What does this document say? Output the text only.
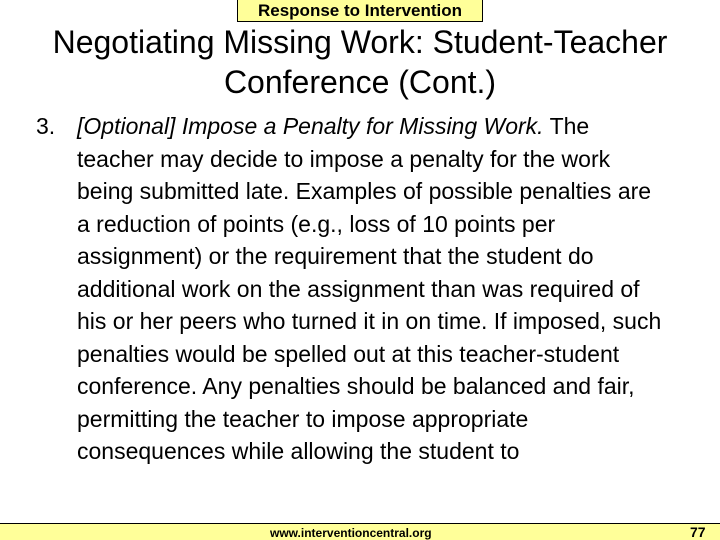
Response to Intervention
Negotiating Missing Work: Student-Teacher Conference (Cont.)
www.interventioncentral.org	77
3. [Optional] Impose a Penalty for Missing Work. The teacher may decide to impose a penalty for the work being submitted late. Examples of possible penalties are a reduction of points (e.g., loss of 10 points per assignment) or the requirement that the student do additional work on the assignment than was required of his or her peers who turned it in on time. If imposed, such penalties would be spelled out at this teacher-student conference. Any penalties should be balanced and fair, permitting the teacher to impose appropriate consequences while allowing the student to
